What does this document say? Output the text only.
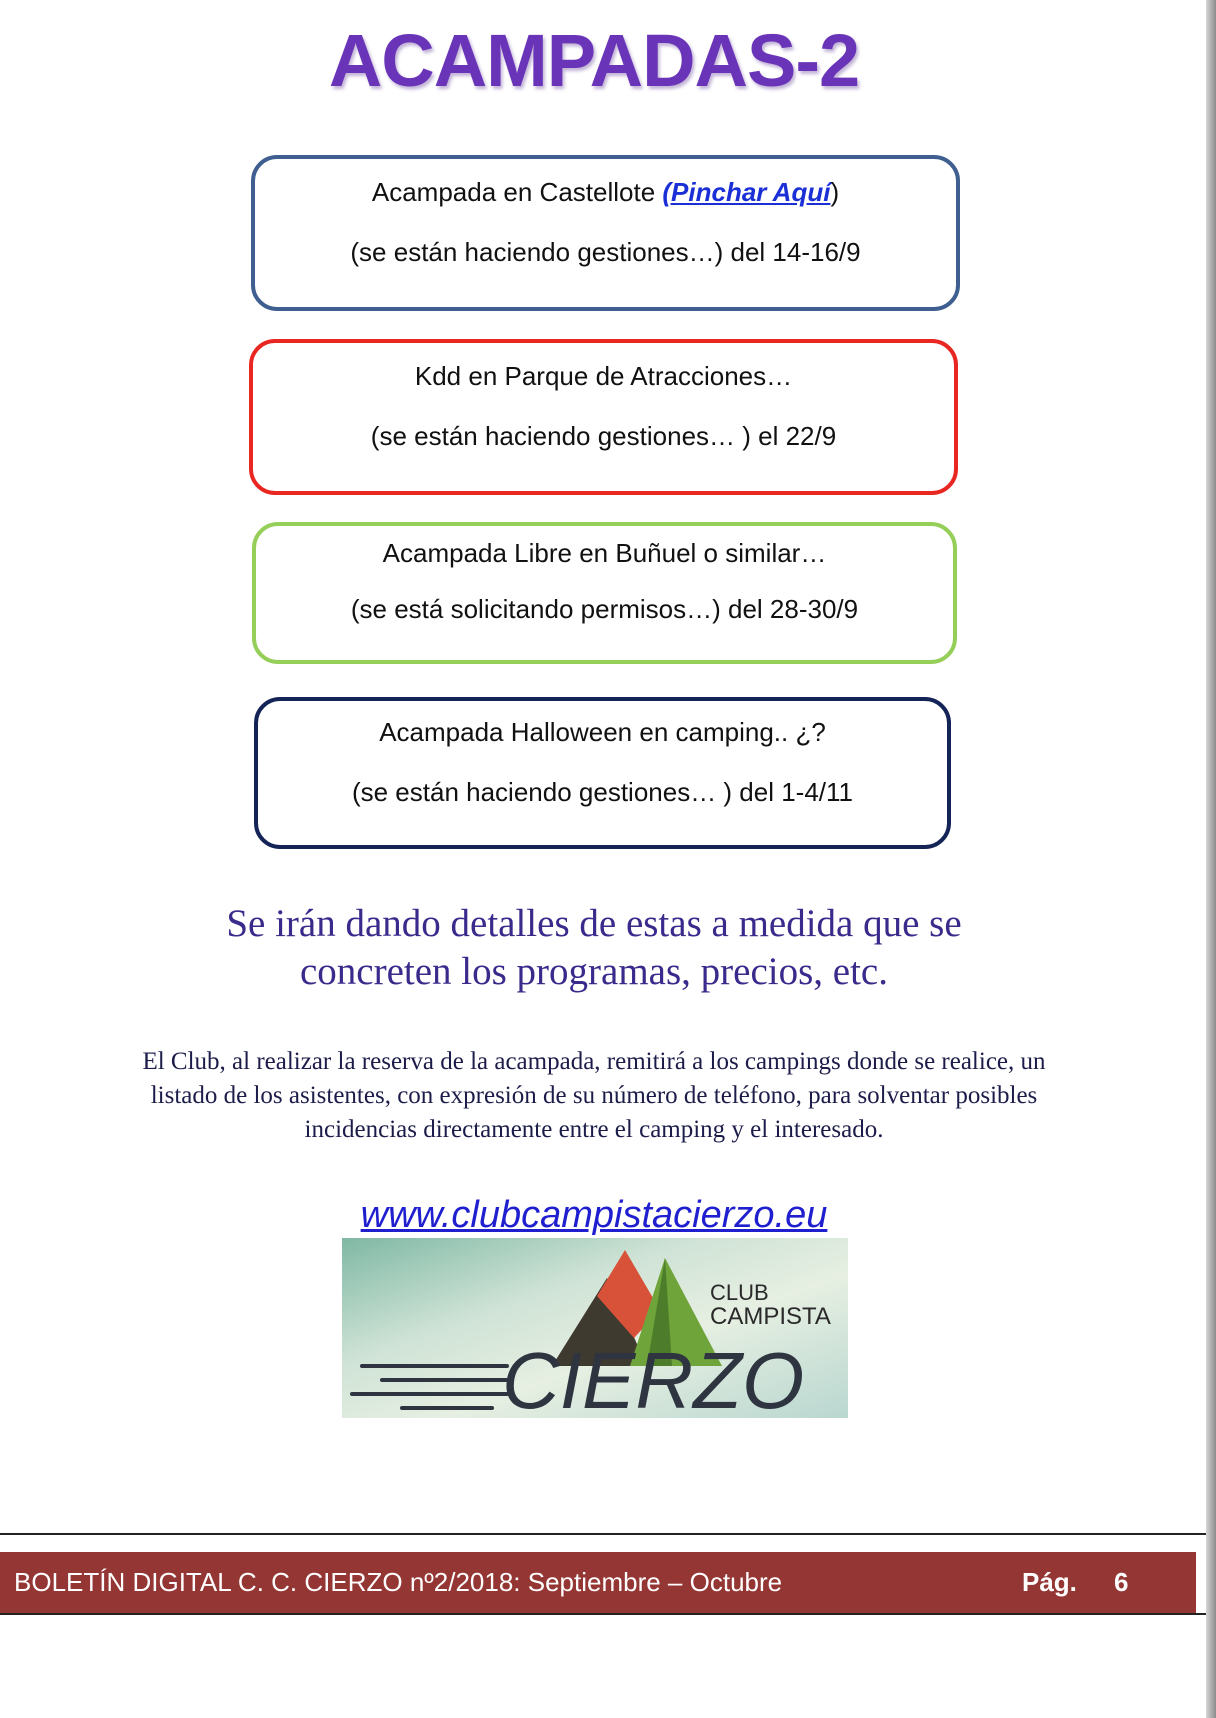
ACAMPADAS-2
Acampada en Castellote (Pinchar Aquí)
(se están haciendo gestiones…) del 14-16/9
Kdd en Parque de Atracciones…
(se están haciendo gestiones… ) el 22/9
Acampada Libre en Buñuel o similar…
(se está solicitando permisos…) del 28-30/9
Acampada Halloween en camping.. ¿?
(se están haciendo gestiones… ) del 1-4/11
Se irán dando detalles de estas a medida que se
concreten los programas, precios, etc.
El Club, al realizar la reserva de la acampada, remitirá a los campings donde se realice, un
listado de los asistentes, con expresión de su número de teléfono, para solventar posibles
incidencias directamente entre el camping y el interesado.
www.clubcampistacierzo.eu
CLUB
CAMPISTA
CIERZO
BOLETÍN DIGITAL C. C. CIERZO nº2/2018: Septiembre – Octubre	Pág. 6
